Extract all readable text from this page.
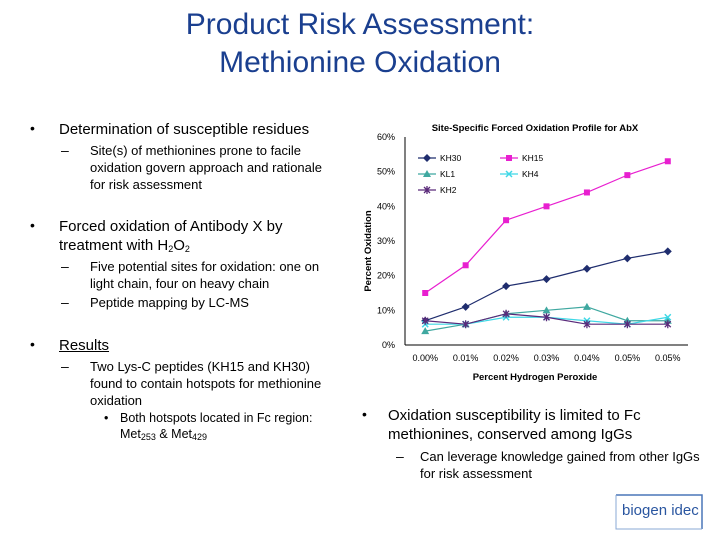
Product Risk Assessment:
Methionine Oxidation
• Determination of susceptible residues
– Site(s) of methionines prone to facile oxidation govern approach and rationale for risk assessment
• Forced oxidation of Antibody X by treatment with $H_2O_2$
– Five potential sites for oxidation: one on light chain, four on heavy chain
– Peptide mapping by LC-MS
• Results
– Two Lys-C peptides (KH15 and KH30) found to contain hotspots for methionine oxidation
• Both hotspots located in Fc region: Met$_{253}$ & Met$_{429}$
• Oxidation susceptibility is limited to Fc methionines, conserved among IgGs
– Can leverage knowledge gained from other IgGs for risk assessment
Site-Specific Forced Oxidation Profile for AbX
0%
10%
20%
30%
40%
50%
60%
0.00% 0.01% 0.02% 0.03% 0.04% 0.05% 0.05%
Percent Hydrogen Peroxide
Percent Oxidation
KH30	KH15
KL1	KH4
KH2
biogen idec
